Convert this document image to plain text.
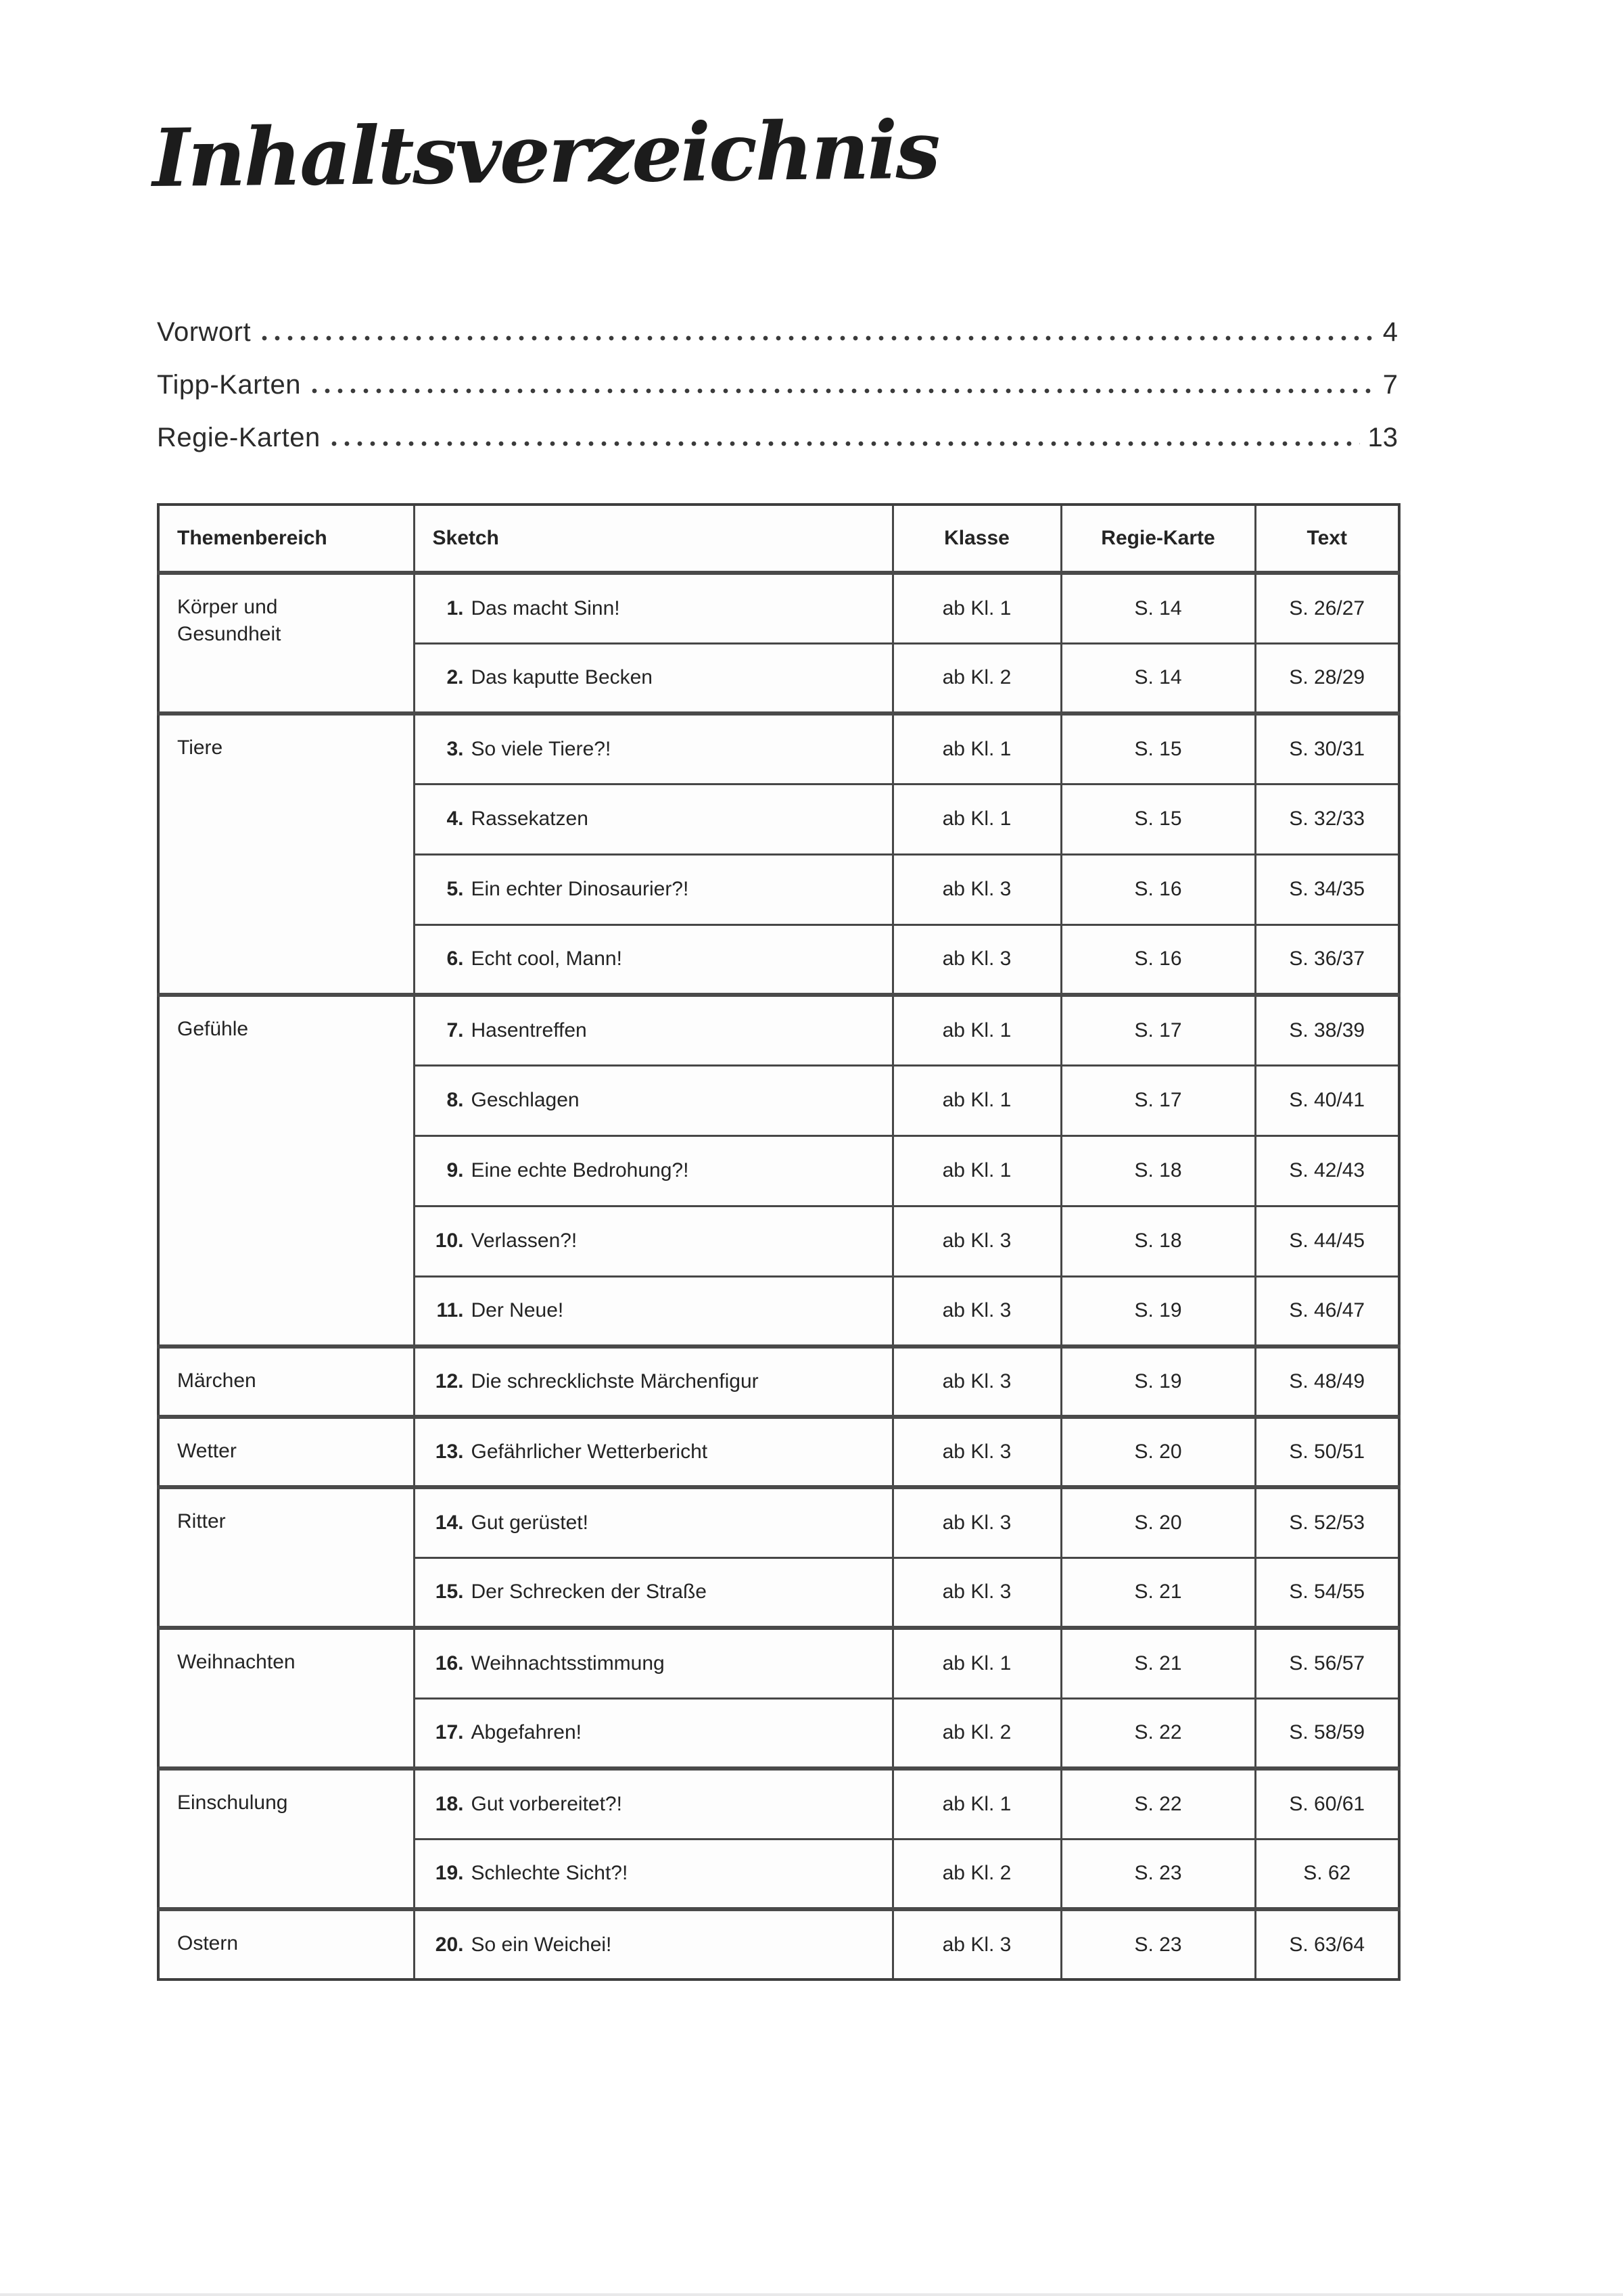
Inhaltsverzeichnis
Vorwort	4
Tipp-Karten	7
Regie-Karten	13
Themenbereich	Sketch	Klasse	Regie-Karte	Text
Körper und Gesundheit	1. Das macht Sinn!	ab Kl. 1	S. 14	S. 26/27
	2. Das kaputte Becken	ab Kl. 2	S. 14	S. 28/29
Tiere	3. So viele Tiere?!	ab Kl. 1	S. 15	S. 30/31
	4. Rassekatzen	ab Kl. 1	S. 15	S. 32/33
	5. Ein echter Dinosaurier?!	ab Kl. 3	S. 16	S. 34/35
	6. Echt cool, Mann!	ab Kl. 3	S. 16	S. 36/37
Gefühle	7. Hasentreffen	ab Kl. 1	S. 17	S. 38/39
	8. Geschlagen	ab Kl. 1	S. 17	S. 40/41
	9. Eine echte Bedrohung?!	ab Kl. 1	S. 18	S. 42/43
	10. Verlassen?!	ab Kl. 3	S. 18	S. 44/45
	11. Der Neue!	ab Kl. 3	S. 19	S. 46/47
Märchen	12. Die schrecklichste Märchenfigur	ab Kl. 3	S. 19	S. 48/49
Wetter	13. Gefährlicher Wetterbericht	ab Kl. 3	S. 20	S. 50/51
Ritter	14. Gut gerüstet!	ab Kl. 3	S. 20	S. 52/53
	15. Der Schrecken der Straße	ab Kl. 3	S. 21	S. 54/55
Weihnachten	16. Weihnachtsstimmung	ab Kl. 1	S. 21	S. 56/57
	17. Abgefahren!	ab Kl. 2	S. 22	S. 58/59
Einschulung	18. Gut vorbereitet?!	ab Kl. 1	S. 22	S. 60/61
	19. Schlechte Sicht?!	ab Kl. 2	S. 23	S. 62
Ostern	20. So ein Weichei!	ab Kl. 3	S. 23	S. 63/64
